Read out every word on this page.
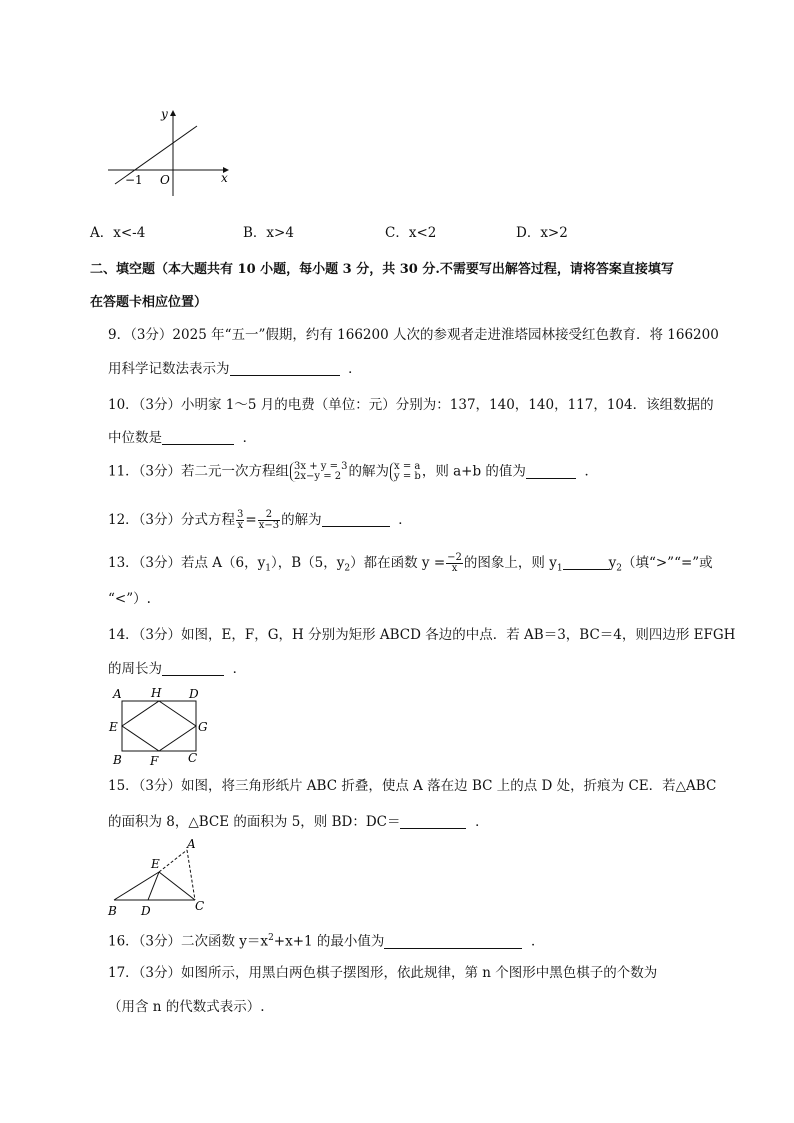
y
x
−1 O
A．x<-4	B．x>4	C．x<2	D．x>2
二、填空题（本大题共有 10 小题，每小题 3 分，共 30 分.不需要写出解答过程，请将答案直接填写
在答题卡相应位置）
9．（3分）2025 年“五一”假期，约有 166200 人次的参观者走进淮塔园林接受红色教育．将 166200
用科学记数法表示为	．
10．（3分）小明家 1～5 月的电费（单位：元）分别为：137，140，140，117，104．该组数据的
中位数是	．
11．（3分）若二元一次方程组 3x + y = 3
2x−y = 2 的解为 x = a
y = b ，则 a+b 的值为	．
12．（3分）分式方程 $\frac{3}{x} = \frac{2}{x-3}$ 的解为	．
13．（3分）若点 A（6，$y_1$），B（5，$y_2$）都在函数 $y = \frac{-2}{x}$ 的图象上，则 $y_1$	$y_2$（填“>”“=”或
“<”）.
14．（3分）如图，E，F，G，H 分别为矩形 ABCD 各边的中点．若 AB＝3，BC＝4，则四边形 EFGH
的周长为	．
A H D
E	G
B F C
15．（3分）如图，将三角形纸片 ABC 折叠，使点 A 落在边 BC 上的点 D 处，折痕为 CE．若△ABC
的面积为 8，△BCE 的面积为 5，则 BD：DC＝	．
A
E
B D	C
16．（3分）二次函数 $y=x^2+x+1$ 的最小值为	．
17．（3分）如图所示，用黑白两色棋子摆图形，依此规律，第 n 个图形中黑色棋子的个数为
（用含 n 的代数式表示）.
